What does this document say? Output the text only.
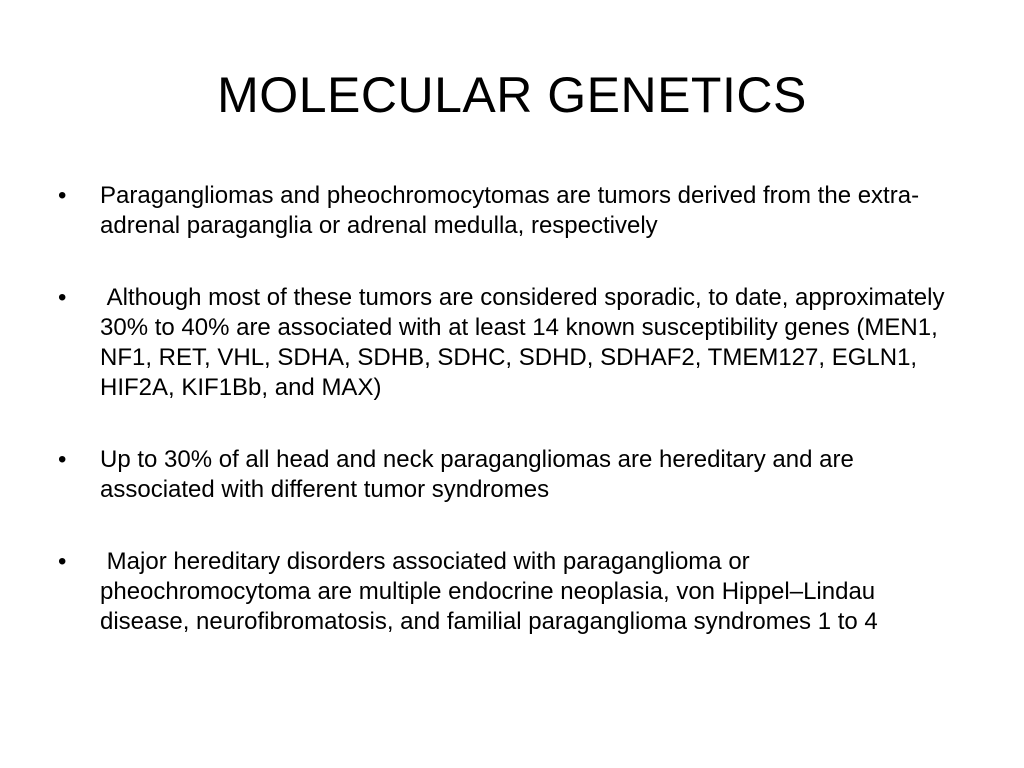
MOLECULAR GENETICS
•	Paragangliomas and pheochromocytomas are tumors derived from the extra-adrenal paraganglia or adrenal medulla, respectively
•	Although most of these tumors are considered sporadic, to date, approximately 30% to 40% are associated with at least 14 known susceptibility genes (MEN1, NF1, RET, VHL, SDHA, SDHB, SDHC, SDHD, SDHAF2, TMEM127, EGLN1, HIF2A, KIF1Bb, and MAX)
•	Up to 30% of all head and neck paragangliomas are hereditary and are associated with different tumor syndromes
•	Major hereditary disorders associated with paraganglioma or pheochromocytoma are multiple endocrine neoplasia, von Hippel–Lindau disease, neurofibromatosis, and familial paraganglioma syndromes 1 to 4
